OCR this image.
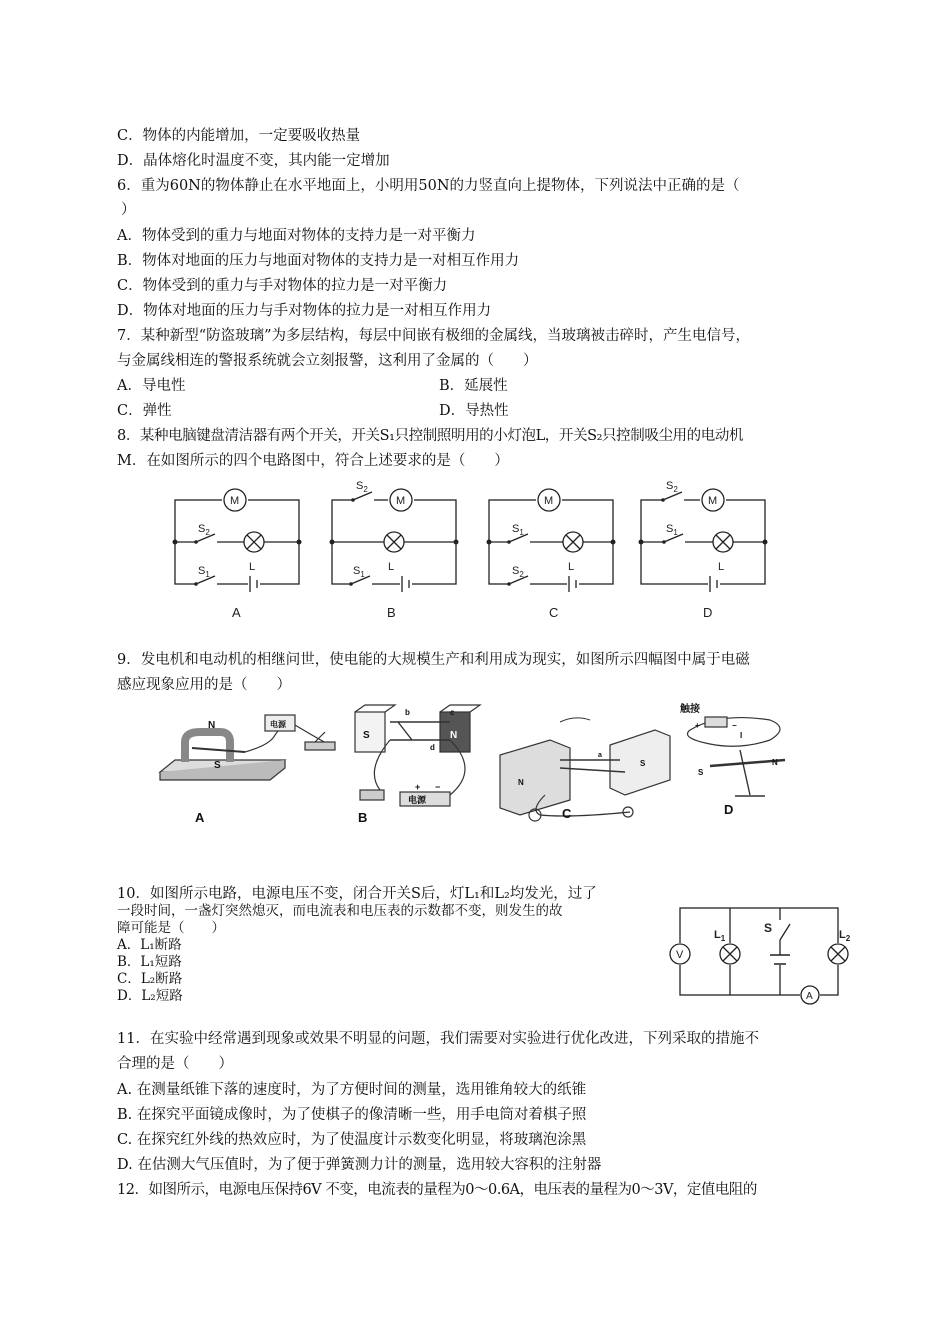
C．物体的内能增加，一定要吸收热量
D．晶体熔化时温度不变，其内能一定增加
6．重为60N的物体静止在水平地面上，小明用50N的力竖直向上提物体，下列说法中正确的是（
）
A．物体受到的重力与地面对物体的支持力是一对平衡力
B．物体对地面的压力与地面对物体的支持力是一对相互作用力
C．物体受到的重力与手对物体的拉力是一对平衡力
D．物体对地面的压力与手对物体的拉力是一对相互作用力
7．某种新型“防盗玻璃”为多层结构，每层中间嵌有极细的金属线，当玻璃被击碎时，产生电信号，
与金属线相连的警报系统就会立刻报警，这利用了金属的（　　）
A．导电性	B．延展性
C．弹性	D．导热性
8．某种电脑键盘清洁器有两个开关，开关S₁只控制照明用的小灯泡L，开关S₂只控制吸尘用的电动机
M．在如图所示的四个电路图中，符合上述要求的是（　　）
M	M	M	M
L	L	L	L
$S_2$
$S_1$
$S_2$
$S_1$
$S_1$
$S_2$
$S_2$
$S_1$
A	B	C	D
9．发电机和电动机的相继问世，使电能的大规模生产和利用成为现实，如图所示四幅图中属于电磁
感应现象应用的是（　　）
N
S
电源
S	N
b	c
d
电源
+ −	N
S
a
触接
+	−
I
S
N
A	B	C	D
10．如图所示电路，电源电压不变，闭合开关S后，灯L₁和L₂均发光，过了
一段时间，一盏灯突然熄灭，而电流表和电压表的示数都不变，则发生的故
障可能是（　　）
A．L₁断路
B．L₁短路
C．L₂断路
D．L₂短路
V
A
$L_1$	$L_2$
S
11．在实验中经常遇到现象或效果不明显的问题，我们需要对实验进行优化改进，下列采取的措施不
合理的是（　　）
A. 在测量纸锥下落的速度时，为了方便时间的测量，选用锥角较大的纸锥
B. 在探究平面镜成像时，为了使棋子的像清晰一些，用手电筒对着棋子照
C. 在探究红外线的热效应时，为了使温度计示数变化明显，将玻璃泡涂黑
D. 在估测大气压值时，为了便于弹簧测力计的测量，选用较大容积的注射器
12．如图所示，电源电压保持6V 不变，电流表的量程为0～0.6A，电压表的量程为0～3V，定值电阻的
